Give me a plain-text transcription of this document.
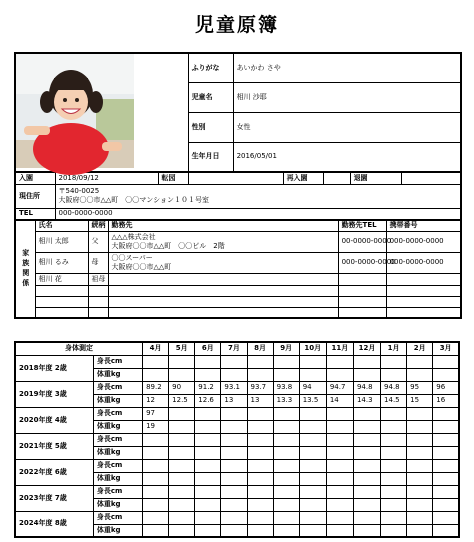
児童原簿
	ふりがな	あいかわ さや						
						児童名	相川 沙耶						
						性別	女性						
						生年月日	2016/05/01						
入園		2018/09/12			転园			再入園			退園		
現住所		〒540-0025
大阪府〇〇市△△町　〇〇マンション１０１号室											

TEL		000-0000-0000											
家族関係	氏名		続柄	勤務先						勤務先TEL		携帯番号	
	相川 太郎		父	△△△株式会社
大阪府〇〇市△△町　〇〇ビル　2階						00-0000-0000		000-0000-0000	
	相川 るみ		母	〇〇スーパー
大阪府〇〇市△△町						000-0000-0000		000-0000-0000	
	相川 花		祖母										

身体測定		4月	5月	6月	7月	8月	9月	10月	11月	12月	1月	2月	3月
2018年度 2歳	身長cm												
	体重kg												
2019年度 3歳	身長cm	89.2	90	91.2	93.1	93.7	93.8	94	94.7	94.8	94.8	95	96
	体重kg	12	12.5	12.6	13	13	13.3	13.5	14	14.3	14.5	15	16
2020年度 4歳	身長cm	97											
	体重kg	19											
2021年度 5歳	身長cm												
	体重kg												
2022年度 6歳	身長cm												
	体重kg												
2023年度 7歳	身長cm												
	体重kg												
2024年度 8歳	身長cm												
	体重kg												
